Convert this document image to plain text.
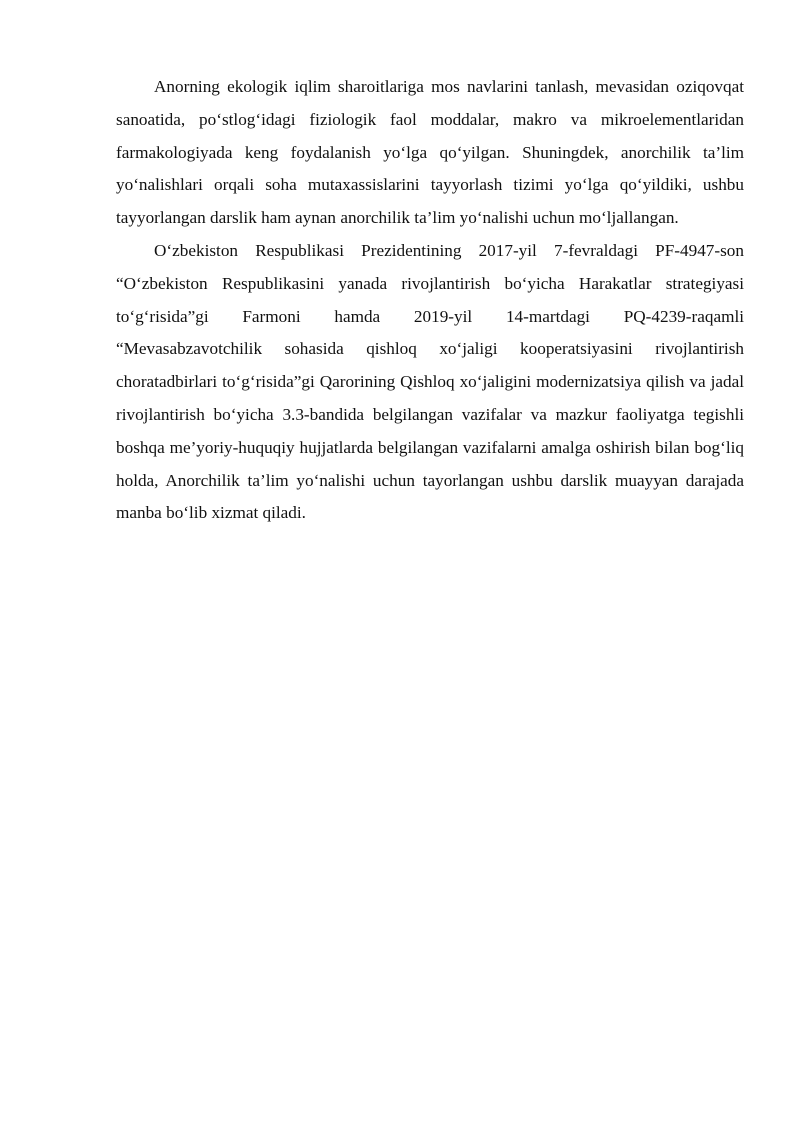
Anorning ekologik iqlim sharoitlariga mos navlarini tanlash, mevasidan oziqovqat sanoatida, po‘stlog‘idagi fiziologik faol moddalar, makro va mikroelementlaridan farmakologiyada keng foydalanish yo‘lga qo‘yilgan. Shuningdek, anorchilik ta’lim yo‘nalishlari orqali soha mutaxassislarini tayyorlash tizimi yo‘lga qo‘yildiki, ushbu tayyorlangan darslik ham aynan anorchilik ta’lim yo‘nalishi uchun mo‘ljallangan.

O‘zbekiston Respublikasi Prezidentining 2017-yil 7-fevraldagi PF-4947-son “O‘zbekiston Respublikasini yanada rivojlantirish bo‘yicha Harakatlar strategiyasi to‘g‘risida”gi Farmoni hamda 2019-yil 14-martdagi PQ-4239-raqamli “Mevasabzavotchilik sohasida qishloq xo‘jaligi kooperatsiyasini rivojlantirish choratadbirlari to‘g‘risida”gi Qarorining Qishloq xo‘jaligini modernizatsiya qilish va jadal rivojlantirish bo‘yicha 3.3-bandida belgilangan vazifalar va mazkur faoliyatga tegishli boshqa me’yoriy-huquqiy hujjatlarda belgilangan vazifalarni amalga oshirish bilan bog‘liq holda, Anorchilik ta’lim yo‘nalishi uchun tayorlangan ushbu darslik muayyan darajada manba bo‘lib xizmat qiladi.
